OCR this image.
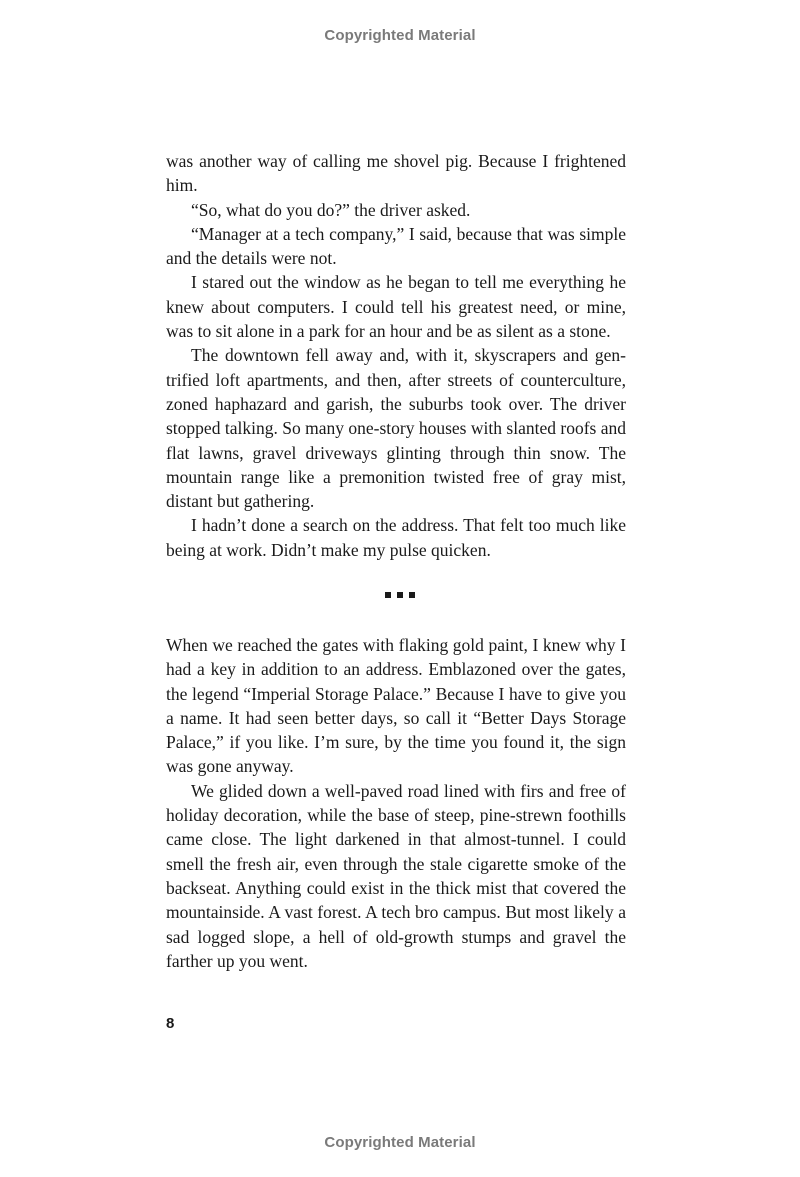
Copyrighted Material

was another way of calling me shovel pig. Because I frightened him.

“So, what do you do?” the driver asked.

“Manager at a tech company,” I said, because that was simple and the details were not.

I stared out the window as he began to tell me everything he knew about computers. I could tell his greatest need, or mine, was to sit alone in a park for an hour and be as silent as a stone.

The downtown fell away and, with it, skyscrapers and gentrified loft apartments, and then, after streets of counterculture, zoned haphazard and garish, the suburbs took over. The driver stopped talking. So many one-story houses with slanted roofs and flat lawns, gravel driveways glinting through thin snow. The mountain range like a premonition twisted free of gray mist, distant but gathering.

I hadn’t done a search on the address. That felt too much like being at work. Didn’t make my pulse quicken.

When we reached the gates with flaking gold paint, I knew why I had a key in addition to an address. Emblazoned over the gates, the legend “Imperial Storage Palace.” Because I have to give you a name. It had seen better days, so call it “Better Days Storage Palace,” if you like. I’m sure, by the time you found it, the sign was gone anyway.

We glided down a well-paved road lined with firs and free of holiday decoration, while the base of steep, pine-strewn foothills came close. The light darkened in that almost-tunnel. I could smell the fresh air, even through the stale cigarette smoke of the backseat. Anything could exist in the thick mist that covered the mountainside. A vast forest. A tech bro campus. But most likely a sad logged slope, a hell of old-growth stumps and gravel the farther up you went.

8
Copyrighted Material
